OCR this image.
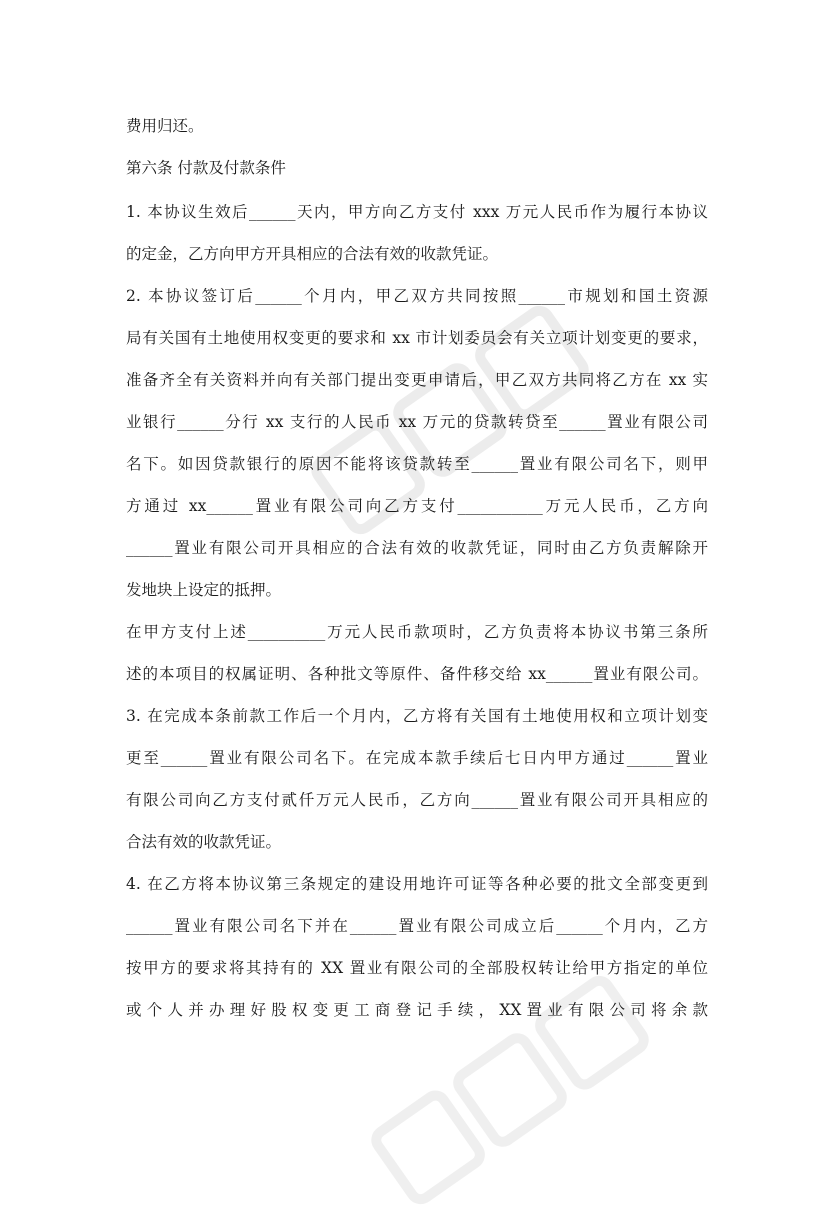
费用归还。

第六条 付款及付款条件

1. 本协议生效后______天内，甲方向乙方支付 xxx 万元人民币作为履行本协议

的定金，乙方向甲方开具相应的合法有效的收款凭证。

2. 本协议签订后______个月内，甲乙双方共同按照______市规划和国土资源

局有关国有土地使用权变更的要求和 xx 市计划委员会有关立项计划变更的要求，

准备齐全有关资料并向有关部门提出变更申请后，甲乙双方共同将乙方在 xx 实

业银行______分行 xx 支行的人民币 xx 万元的贷款转贷至______置业有限公司

名下。如因贷款银行的原因不能将该贷款转至______置业有限公司名下，则甲

方通过 xx______置业有限公司向乙方支付___________万元人民币，乙方向

______置业有限公司开具相应的合法有效的收款凭证，同时由乙方负责解除开

发地块上设定的抵押。

在甲方支付上述__________万元人民币款项时，乙方负责将本协议书第三条所

述的本项目的权属证明、各种批文等原件、备件移交给 xx______置业有限公司。

3. 在完成本条前款工作后一个月内，乙方将有关国有土地使用权和立项计划变

更至______置业有限公司名下。在完成本款手续后七日内甲方通过______置业

有限公司向乙方支付贰仟万元人民币，乙方向______置业有限公司开具相应的

合法有效的收款凭证。

4. 在乙方将本协议第三条规定的建设用地许可证等各种必要的批文全部变更到

______置业有限公司名下并在______置业有限公司成立后______个月内，乙方

按甲方的要求将其持有的 XX 置业有限公司的全部股权转让给甲方指定的单位

或 个 人 并 办 理 好 股 权 变 更 工 商 登 记 手 续 ， XX 置 业 有 限 公 司 将 余 款
